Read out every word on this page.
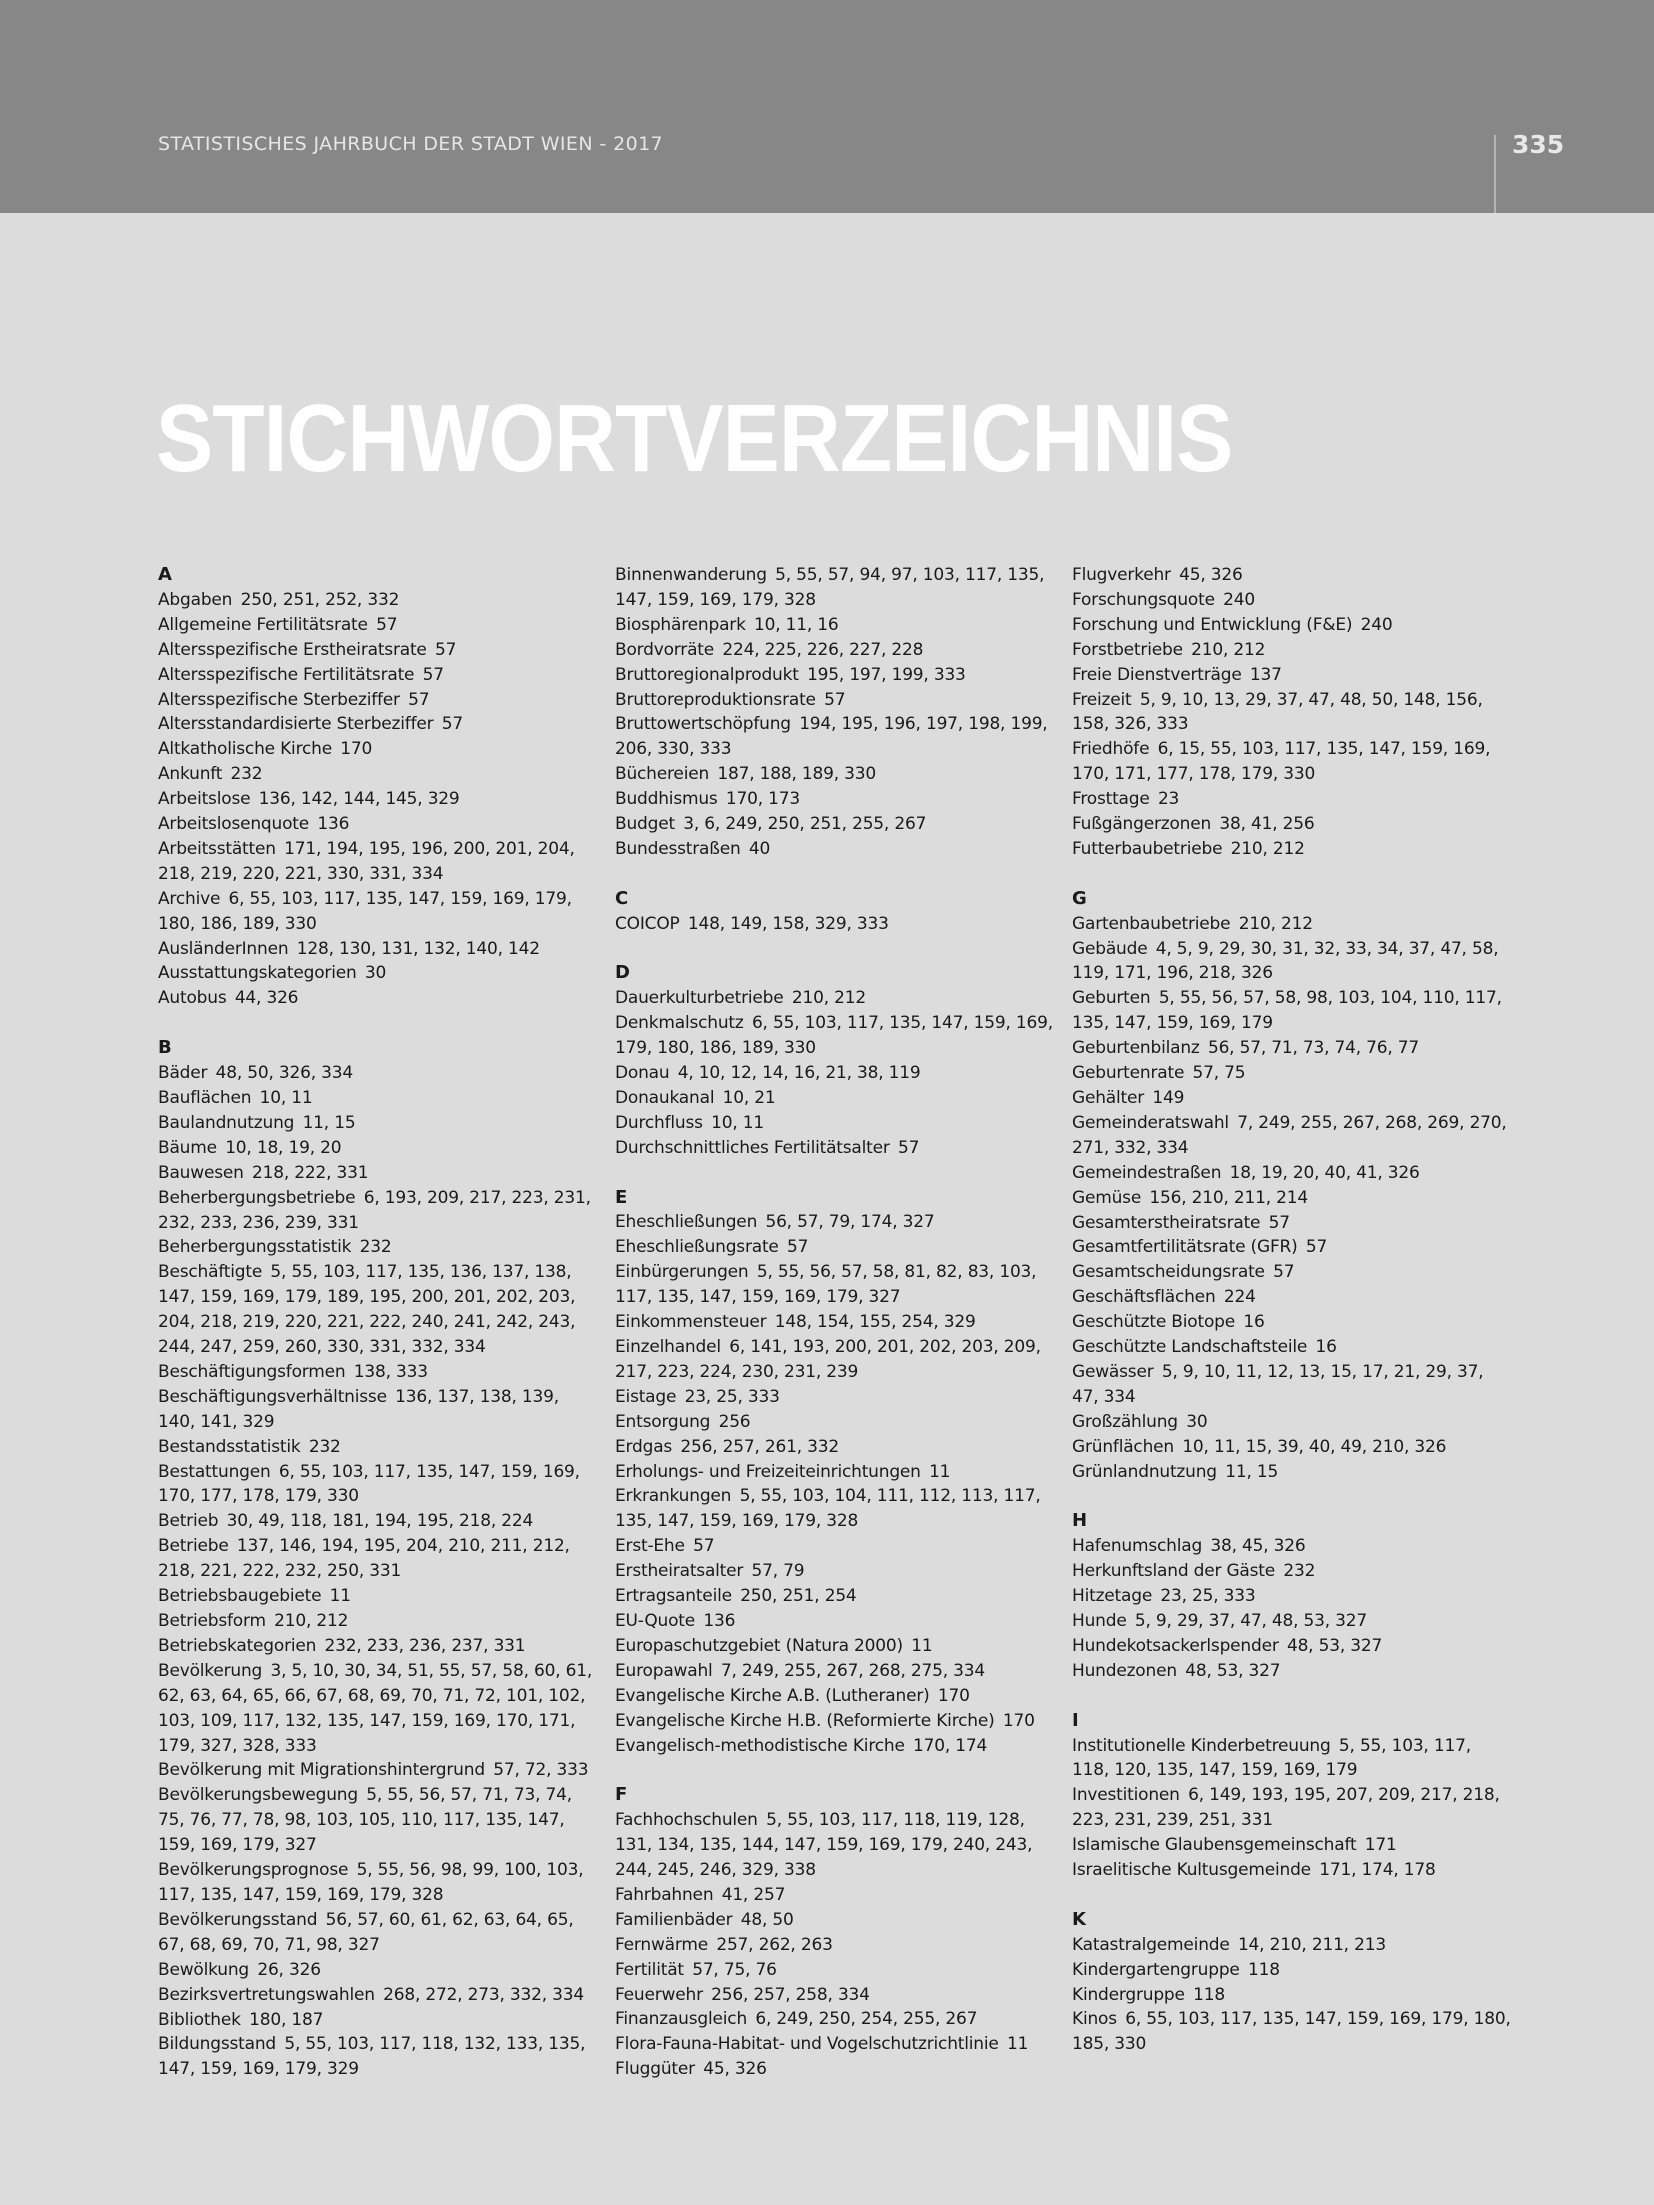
STATISTISCHES JAHRBUCH DER STADT WIEN - 2017	335
STICHWORTVERZEICHNIS
A
Abgaben  250, 251, 252, 332
Allgemeine Fertilitätsrate  57
Altersspezifische Erstheiratsrate  57
Altersspezifische Fertilitätsrate  57
Altersspezifische Sterbeziffer  57
Altersstandardisierte Sterbeziffer  57
Altkatholische Kirche  170
Ankunft  232
Arbeitslose  136, 142, 144, 145, 329
Arbeitslosenquote  136
Arbeitsstätten  171, 194, 195, 196, 200, 201, 204, 218, 219, 220, 221, 330, 331, 334
Archive  6, 55, 103, 117, 135, 147, 159, 169, 179, 180, 186, 189, 330
AusländerInnen  128, 130, 131, 132, 140, 142
Ausstattungskategorien  30
Autobus  44, 326
B
Bäder  48, 50, 326, 334
Bauflächen  10, 11
Baulandnutzung  11, 15
Bäume  10, 18, 19, 20
Bauwesen  218, 222, 331
Beherbergungsbetriebe  6, 193, 209, 217, 223, 231, 232, 233, 236, 239, 331
Beherbergungsstatistik  232
Beschäftigte  5, 55, 103, 117, 135, 136, 137, 138, 147, 159, 169, 179, 189, 195, 200, 201, 202, 203, 204, 218, 219, 220, 221, 222, 240, 241, 242, 243, 244, 247, 259, 260, 330, 331, 332, 334
Beschäftigungsformen  138, 333
Beschäftigungsverhältnisse  136, 137, 138, 139, 140, 141, 329
Bestandsstatistik  232
Bestattungen  6, 55, 103, 117, 135, 147, 159, 169, 170, 177, 178, 179, 330
Betrieb  30, 49, 118, 181, 194, 195, 218, 224
Betriebe  137, 146, 194, 195, 204, 210, 211, 212, 218, 221, 222, 232, 250, 331
Betriebsbaugebiete  11
Betriebsform  210, 212
Betriebskategorien  232, 233, 236, 237, 331
Bevölkerung  3, 5, 10, 30, 34, 51, 55, 57, 58, 60, 61, 62, 63, 64, 65, 66, 67, 68, 69, 70, 71, 72, 101, 102, 103, 109, 117, 132, 135, 147, 159, 169, 170, 171, 179, 327, 328, 333
Bevölkerung mit Migrationshintergrund  57, 72, 333
Bevölkerungsbewegung  5, 55, 56, 57, 71, 73, 74, 75, 76, 77, 78, 98, 103, 105, 110, 117, 135, 147, 159, 169, 179, 327
Bevölkerungsprognose  5, 55, 56, 98, 99, 100, 103, 117, 135, 147, 159, 169, 179, 328
Bevölkerungsstand  56, 57, 60, 61, 62, 63, 64, 65, 67, 68, 69, 70, 71, 98, 327
Bewölkung  26, 326
Bezirksvertretungswahlen  268, 272, 273, 332, 334
Bibliothek  180, 187
Bildungsstand  5, 55, 103, 117, 118, 132, 133, 135, 147, 159, 169, 179, 329
Binnenwanderung  5, 55, 57, 94, 97, 103, 117, 135, 147, 159, 169, 179, 328
Biosphärenpark  10, 11, 16
Bordvorräte  224, 225, 226, 227, 228
Bruttoregionalprodukt  195, 197, 199, 333
Bruttoreproduktionsrate  57
Bruttowertschöpfung  194, 195, 196, 197, 198, 199, 206, 330, 333
Büchereien  187, 188, 189, 330
Buddhismus  170, 173
Budget  3, 6, 249, 250, 251, 255, 267
Bundesstraßen  40
C
COICOP  148, 149, 158, 329, 333
D
Dauerkulturbetriebe  210, 212
Denkmalschutz  6, 55, 103, 117, 135, 147, 159, 169, 179, 180, 186, 189, 330
Donau  4, 10, 12, 14, 16, 21, 38, 119
Donaukanal  10, 21
Durchfluss  10, 11
Durchschnittliches Fertilitätsalter  57
E
Eheschließungen  56, 57, 79, 174, 327
Eheschließungsrate  57
Einbürgerungen  5, 55, 56, 57, 58, 81, 82, 83, 103, 117, 135, 147, 159, 169, 179, 327
Einkommensteuer  148, 154, 155, 254, 329
Einzelhandel  6, 141, 193, 200, 201, 202, 203, 209, 217, 223, 224, 230, 231, 239
Eistage  23, 25, 333
Entsorgung  256
Erdgas  256, 257, 261, 332
Erholungs- und Freizeiteinrichtungen  11
Erkrankungen  5, 55, 103, 104, 111, 112, 113, 117, 135, 147, 159, 169, 179, 328
Erst-Ehe  57
Erstheiratsalter  57, 79
Ertragsanteile  250, 251, 254
EU-Quote  136
Europaschutzgebiet (Natura 2000)  11
Europawahl  7, 249, 255, 267, 268, 275, 334
Evangelische Kirche A.B. (Lutheraner)  170
Evangelische Kirche H.B. (Reformierte Kirche)  170
Evangelisch-methodistische Kirche  170, 174
F
Fachhochschulen  5, 55, 103, 117, 118, 119, 128, 131, 134, 135, 144, 147, 159, 169, 179, 240, 243, 244, 245, 246, 329, 338
Fahrbahnen  41, 257
Familienbäder  48, 50
Fernwärme  257, 262, 263
Fertilität  57, 75, 76
Feuerwehr  256, 257, 258, 334
Finanzausgleich  6, 249, 250, 254, 255, 267
Flora-Fauna-Habitat- und Vogelschutzrichtlinie  11
Fluggüter  45, 326
Flugverkehr  45, 326
Forschungsquote  240
Forschung und Entwicklung (F&E)  240
Forstbetriebe  210, 212
Freie Dienstverträge  137
Freizeit  5, 9, 10, 13, 29, 37, 47, 48, 50, 148, 156, 158, 326, 333
Friedhöfe  6, 15, 55, 103, 117, 135, 147, 159, 169, 170, 171, 177, 178, 179, 330
Frosttage  23
Fußgängerzonen  38, 41, 256
Futterbaubetriebe  210, 212
G
Gartenbaubetriebe  210, 212
Gebäude  4, 5, 9, 29, 30, 31, 32, 33, 34, 37, 47, 58, 119, 171, 196, 218, 326
Geburten  5, 55, 56, 57, 58, 98, 103, 104, 110, 117, 135, 147, 159, 169, 179
Geburtenbilanz  56, 57, 71, 73, 74, 76, 77
Geburtenrate  57, 75
Gehälter  149
Gemeinderatswahl  7, 249, 255, 267, 268, 269, 270, 271, 332, 334
Gemeindestraßen  18, 19, 20, 40, 41, 326
Gemüse  156, 210, 211, 214
Gesamterstheiratsrate  57
Gesamtfertilitätsrate (GFR)  57
Gesamtscheidungsrate  57
Geschäftsflächen  224
Geschützte Biotope  16
Geschützte Landschaftsteile  16
Gewässer  5, 9, 10, 11, 12, 13, 15, 17, 21, 29, 37, 47, 334
Großzählung  30
Grünflächen  10, 11, 15, 39, 40, 49, 210, 326
Grünlandnutzung  11, 15
H
Hafenumschlag  38, 45, 326
Herkunftsland der Gäste  232
Hitzetage  23, 25, 333
Hunde  5, 9, 29, 37, 47, 48, 53, 327
Hundekotsackerlspender  48, 53, 327
Hundezonen  48, 53, 327
I
Institutionelle Kinderbetreuung  5, 55, 103, 117, 118, 120, 135, 147, 159, 169, 179
Investitionen  6, 149, 193, 195, 207, 209, 217, 218, 223, 231, 239, 251, 331
Islamische Glaubensgemeinschaft  171
Israelitische Kultusgemeinde  171, 174, 178
K
Katastralgemeinde  14, 210, 211, 213
Kindergartengruppe  118
Kindergruppe  118
Kinos  6, 55, 103, 117, 135, 147, 159, 169, 179, 180, 185, 330
